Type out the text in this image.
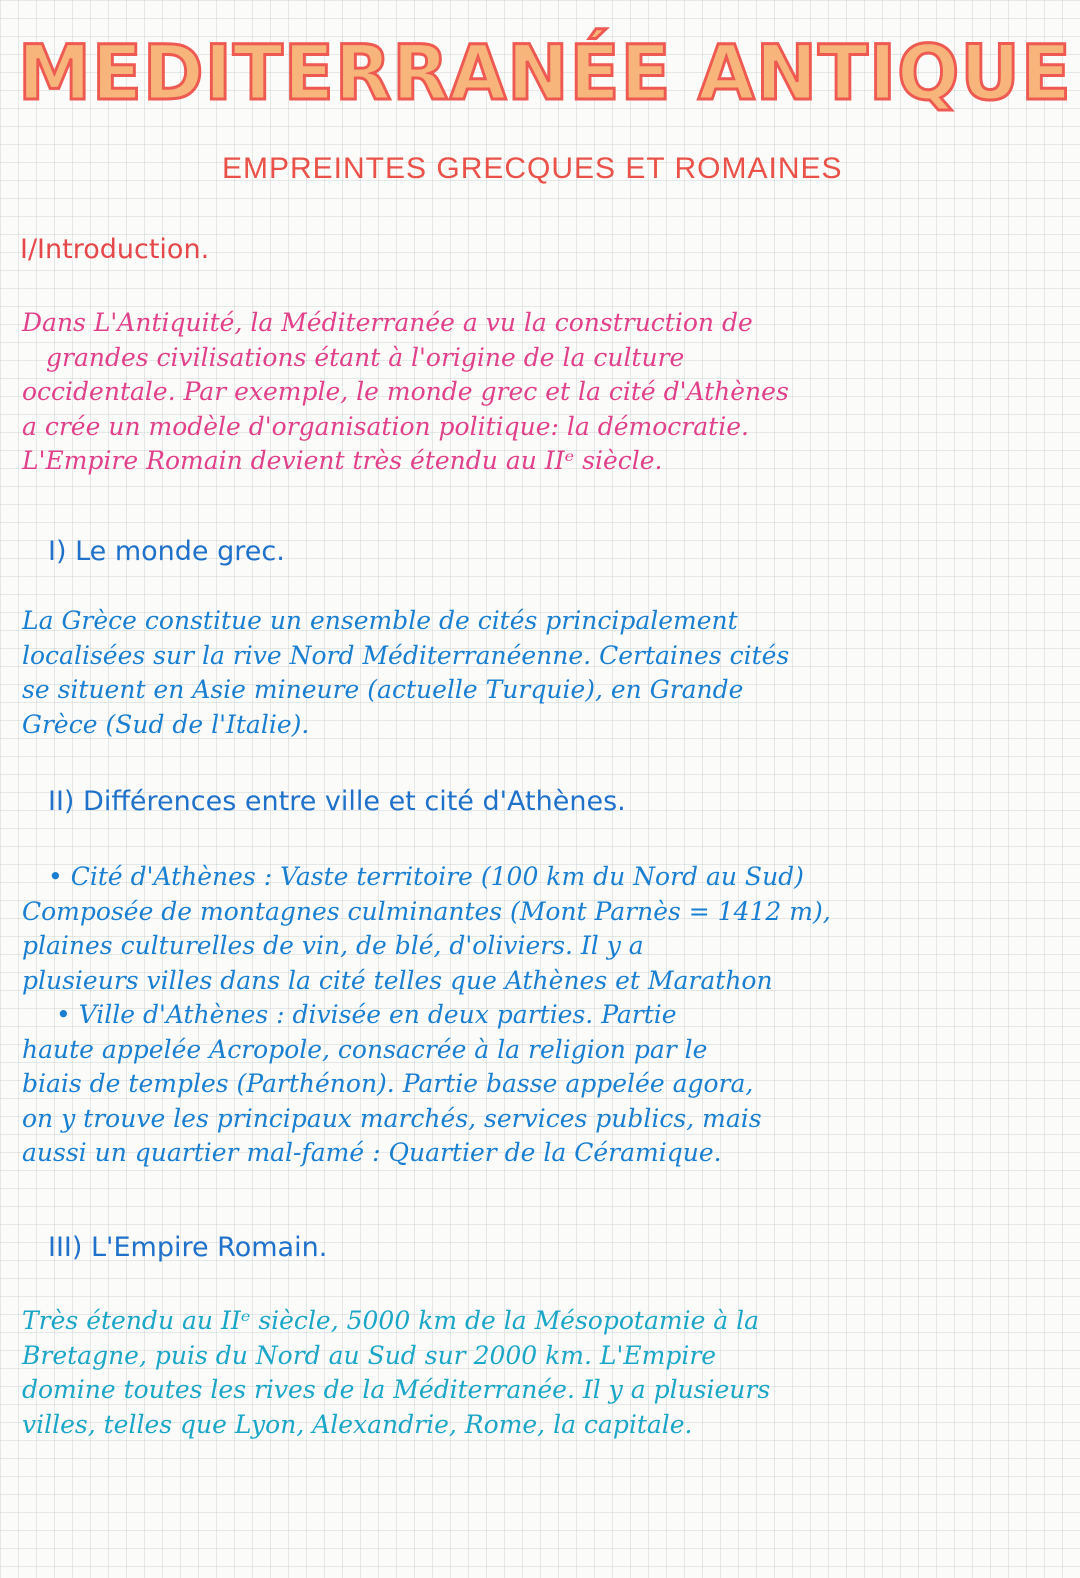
MEDITERRANÉE ANTIQUE
EMPREINTES GRECQUES ET ROMAINES
I/Introduction.
Dans L'Antiquité, la Méditerranée a vu la construction de
grandes civilisations étant à l'origine de la culture
occidentale. Par exemple, le monde grec et la cité d'Athènes
a crée un modèle d'organisation politique: la démocratie.
L'Empire Romain devient très étendu au IIᵉ siècle.
I) Le monde grec.
La Grèce constitue un ensemble de cités principalement
localisées sur la rive Nord Méditerranéenne. Certaines cités
se situent en Asie mineure (actuelle Turquie), en Grande
Grèce (Sud de l'Italie).
II) Différences entre ville et cité d'Athènes.
• Cité d'Athènes : Vaste territoire (100 km du Nord au Sud)
Composée de montagnes culminantes (Mont Parnès = 1412 m),
plaines culturelles de vin, de blé, d'oliviers. Il y a
plusieurs villes dans la cité telles que Athènes et Marathon
• Ville d'Athènes : divisée en deux parties. Partie
haute appelée Acropole, consacrée à la religion par le
biais de temples (Parthénon). Partie basse appelée agora,
on y trouve les principaux marchés, services publics, mais
aussi un quartier mal-famé : Quartier de la Céramique.
III) L'Empire Romain.
Très étendu au IIᵉ siècle, 5000 km de la Mésopotamie à la
Bretagne, puis du Nord au Sud sur 2000 km. L'Empire
domine toutes les rives de la Méditerranée. Il y a plusieurs
villes, telles que Lyon, Alexandrie, Rome, la capitale.
